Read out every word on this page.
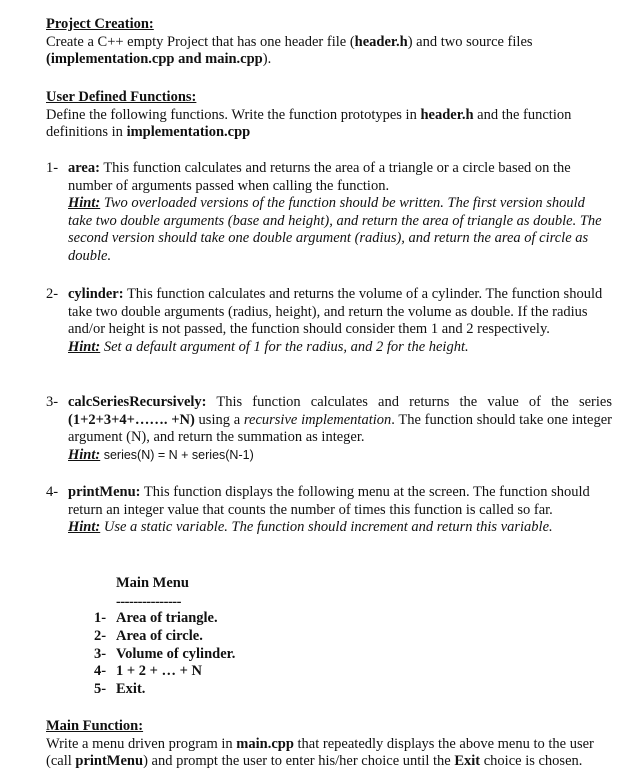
Project Creation:
Create a C++ empty Project that has one header file (header.h) and two source files
(implementation.cpp and main.cpp).
User Defined Functions:
Define the following functions. Write the function prototypes in header.h and the function definitions in implementation.cpp
1- area: This function calculates and returns the area of a triangle or a circle based on the number of arguments passed when calling the function.
Hint: Two overloaded versions of the function should be written. The first version should take two double arguments (base and height), and return the area of triangle as double. The second version should take one double argument (radius), and return the area of circle as double.
2- cylinder: This function calculates and returns the volume of a cylinder. The function should take two double arguments (radius, height), and return the volume as double. If the radius and/or height is not passed, the function should consider them 1 and 2 respectively.
Hint: Set a default argument of 1 for the radius, and 2 for the height.
3- calcSeriesRecursively: This function calculates and returns the value of the series (1+2+3+4+……. +N) using a recursive implementation. The function should take one integer argument (N), and return the summation as integer.
Hint: series(N) = N + series(N-1)
4- printMenu: This function displays the following menu at the screen. The function should return an integer value that counts the number of times this function is called so far.
Hint: Use a static variable. The function should increment and return this variable.
Main Menu
---------------
1- Area of triangle.
2- Area of circle.
3- Volume of cylinder.
4- 1 + 2 + … + N
5- Exit.
Main Function:
Write a menu driven program in main.cpp that repeatedly displays the above menu to the user (call printMenu) and prompt the user to enter his/her choice until the Exit choice is chosen.
